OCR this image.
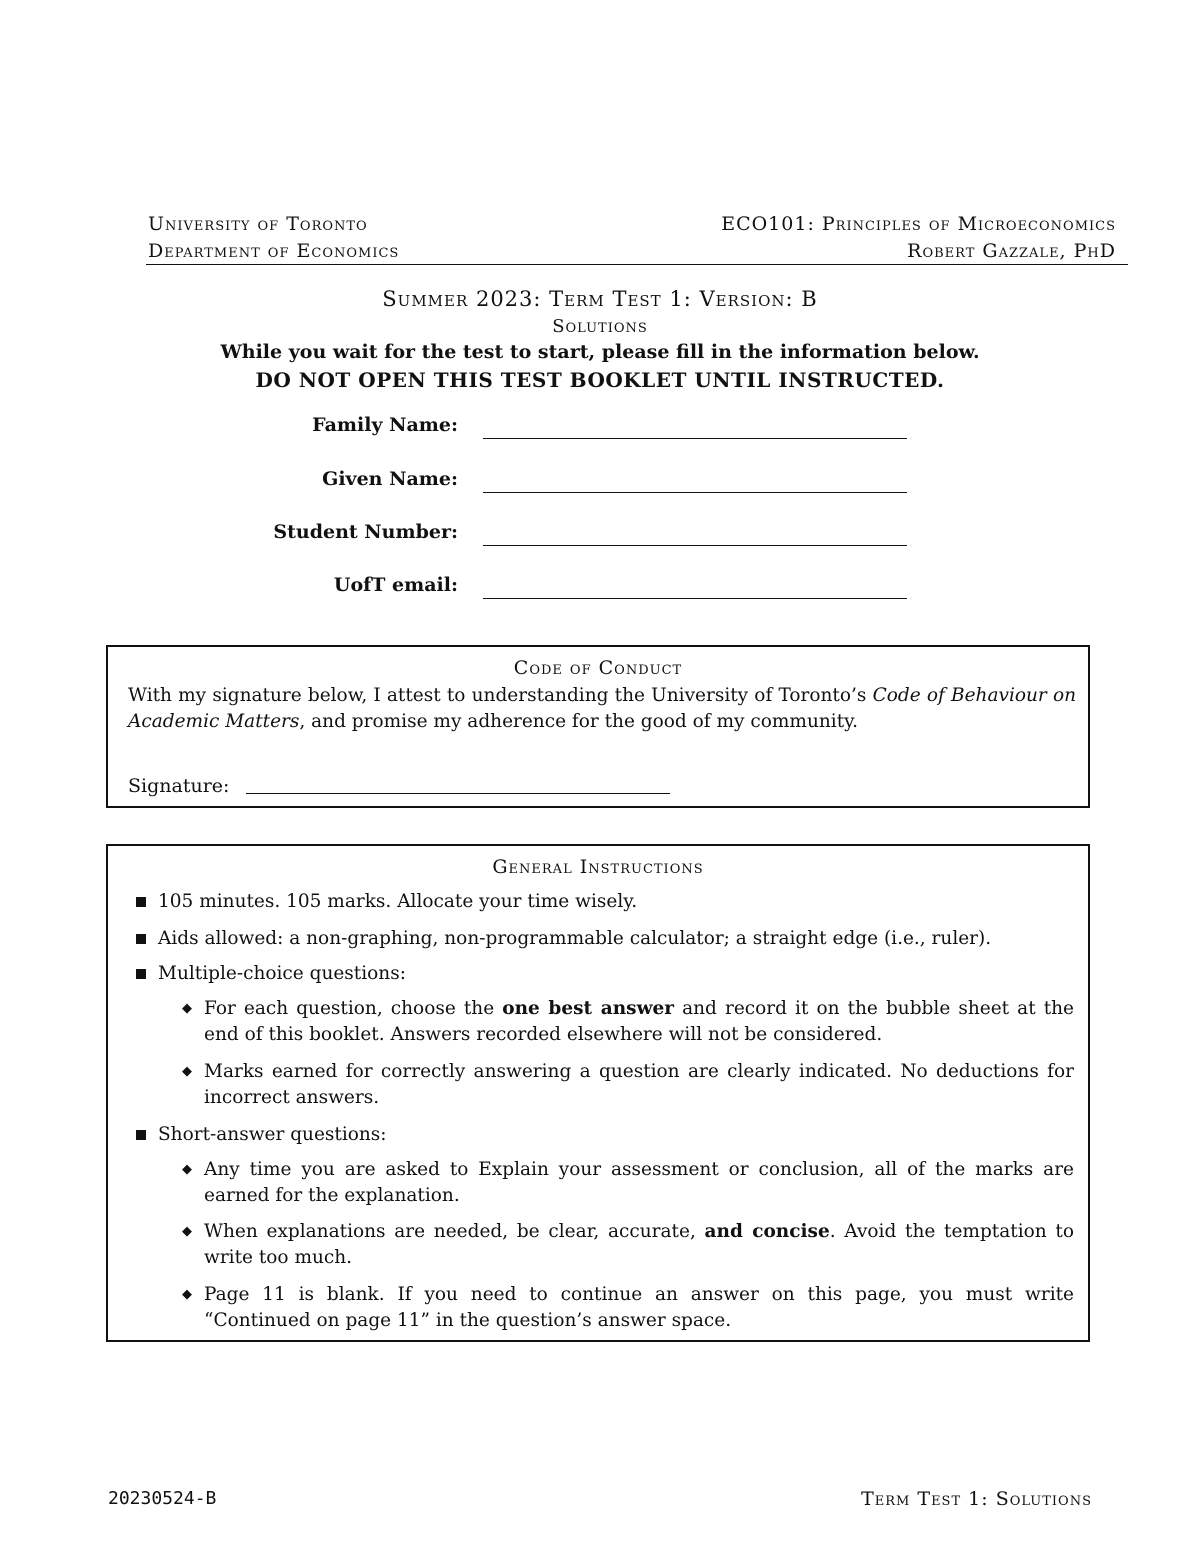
University of Toronto	ECO101: Principles of Microeconomics
Department of Economics	Robert Gazzale, PhD
Summer 2023: Term Test 1: Version: B
Solutions
While you wait for the test to start, please fill in the information below.
DO NOT OPEN THIS TEST BOOKLET UNTIL INSTRUCTED.
Family Name:
Given Name:
Student Number:
UofT email:
Code of Conduct
With my signature below, I attest to understanding the University of Toronto’s Code of Behaviour on Academic Matters, and promise my adherence for the good of my community.
Signature:
General Instructions
105 minutes. 105 marks. Allocate your time wisely.
Aids allowed: a non-graphing, non-programmable calculator; a straight edge (i.e., ruler).
Multiple-choice questions:
◆ For each question, choose the one best answer and record it on the bubble sheet at the end of this booklet. Answers recorded elsewhere will not be considered.
◆ Marks earned for correctly answering a question are clearly indicated. No deductions for incorrect answers.
Short-answer questions:
◆ Any time you are asked to Explain your assessment or conclusion, all of the marks are earned for the explanation.
◆ When explanations are needed, be clear, accurate, and concise. Avoid the temptation to write too much.
◆ Page 11 is blank. If you need to continue an answer on this page, you must write “Continued on page 11” in the question’s answer space.
20230524-B	Term Test 1: Solutions
